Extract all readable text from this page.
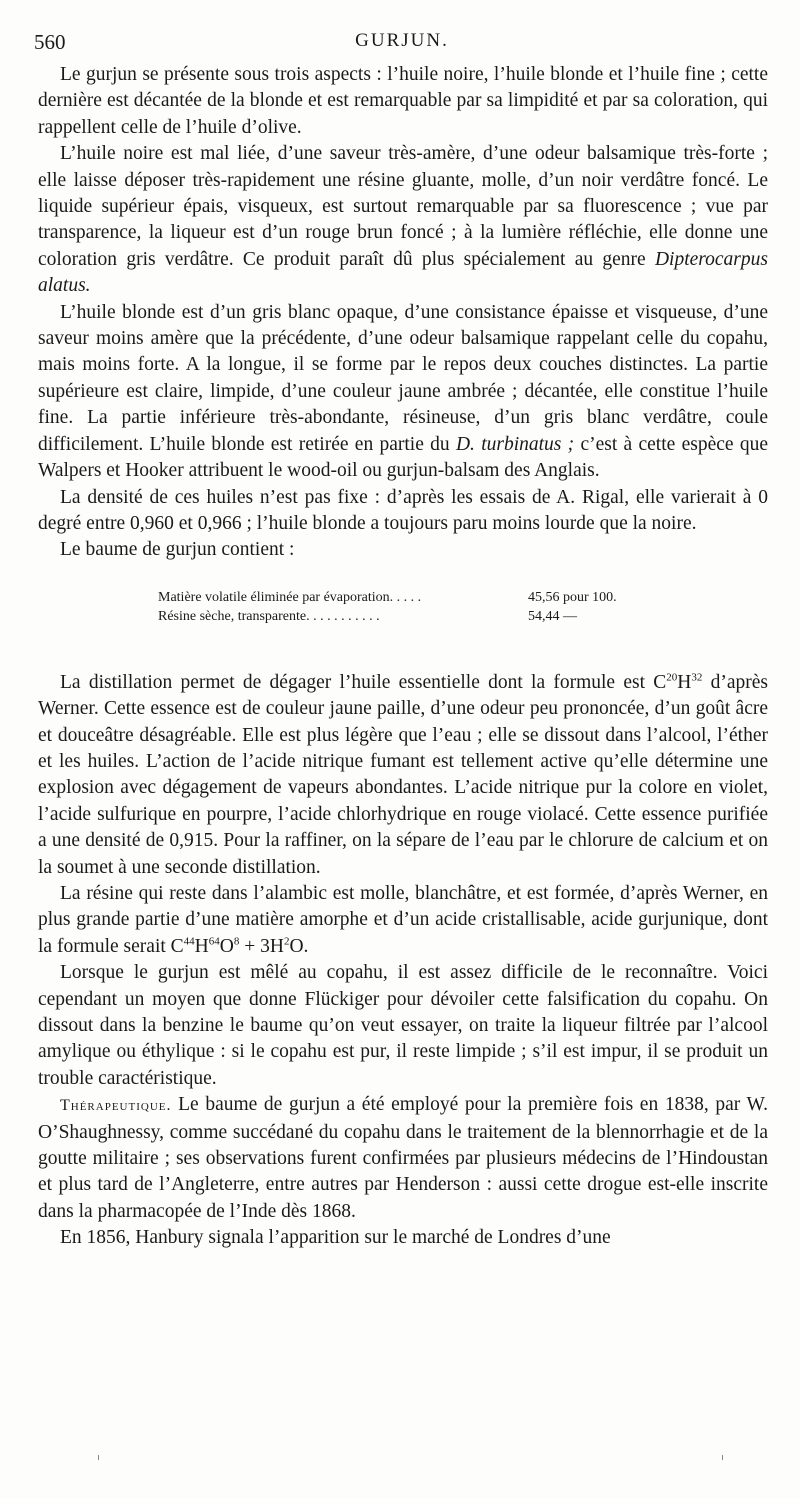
560	GURJUN.

Le gurjun se présente sous trois aspects : l’huile noire, l’huile blonde et l’huile fine ; cette dernière est décantée de la blonde et est remarquable par sa limpidité et par sa coloration, qui rappellent celle de l’huile d’olive.

L’huile noire est mal liée, d’une saveur très-amère, d’une odeur balsamique très-forte ; elle laisse déposer très-rapidement une résine gluante, molle, d’un noir verdâtre foncé. Le liquide supérieur épais, visqueux, est surtout remarquable par sa fluorescence ; vue par transparence, la liqueur est d’un rouge brun foncé ; à la lumière réfléchie, elle donne une coloration gris verdâtre. Ce produit paraît dû plus spécialement au genre Dipterocarpus alatus.

L’huile blonde est d’un gris blanc opaque, d’une consistance épaisse et visqueuse, d’une saveur moins amère que la précédente, d’une odeur balsamique rappelant celle du copahu, mais moins forte. A la longue, il se forme par le repos deux couches distinctes. La partie supérieure est claire, limpide, d’une couleur jaune ambrée ; décantée, elle constitue l’huile fine. La partie inférieure très-abondante, résineuse, d’un gris blanc verdâtre, coule difficilement. L’huile blonde est retirée en partie du D. turbinatus ; c’est à cette espèce que Walpers et Hooker attribuent le wood-oil ou gurjun-balsam des Anglais.

La densité de ces huiles n’est pas fixe : d’après les essais de A. Rigal, elle varierait à 0 degré entre 0,960 et 0,966 ; l’huile blonde a toujours paru moins lourde que la noire.

Le baume de gurjun contient :

Matière volatile éliminée par évaporation. . . . .	45,56 pour 100.
Résine sèche, transparente. . . . . . . . . . .	54,44 —

La distillation permet de dégager l’huile essentielle dont la formule est $C^{20}H^{32}$ d’après Werner. Cette essence est de couleur jaune paille, d’une odeur peu prononcée, d’un goût âcre et douceâtre désagréable. Elle est plus légère que l’eau ; elle se dissout dans l’alcool, l’éther et les huiles. L’action de l’acide nitrique fumant est tellement active qu’elle détermine une explosion avec dégagement de vapeurs abondantes. L’acide nitrique pur la colore en violet, l’acide sulfurique en pourpre, l’acide chlorhydrique en rouge violacé. Cette essence purifiée a une densité de 0,915. Pour la raffiner, on la sépare de l’eau par le chlorure de calcium et on la soumet à une seconde distillation.

La résine qui reste dans l’alambic est molle, blanchâtre, et est formée, d’après Werner, en plus grande partie d’une matière amorphe et d’un acide cristallisable, acide gurjunique, dont la formule serait $C^{44}H^{64}O^8 + 3H^2O$.

Lorsque le gurjun est mêlé au copahu, il est assez difficile de le reconnaître. Voici cependant un moyen que donne Flückiger pour dévoiler cette falsification du copahu. On dissout dans la benzine le baume qu’on veut essayer, on traite la liqueur filtrée par l’alcool amylique ou éthylique : si le copahu est pur, il reste limpide ; s’il est impur, il se produit un trouble caractéristique.

Thérapeutique. Le baume de gurjun a été employé pour la première fois en 1838, par W. O’Shaughnessy, comme succédané du copahu dans le traitement de la blennorrhagie et de la goutte militaire ; ses observations furent confirmées par plusieurs médecins de l’Hindoustan et plus tard de l’Angleterre, entre autres par Henderson : aussi cette drogue est-elle inscrite dans la pharmacopée de l’Inde dès 1868.

En 1856, Hanbury signala l’apparition sur le marché de Londres d’une
